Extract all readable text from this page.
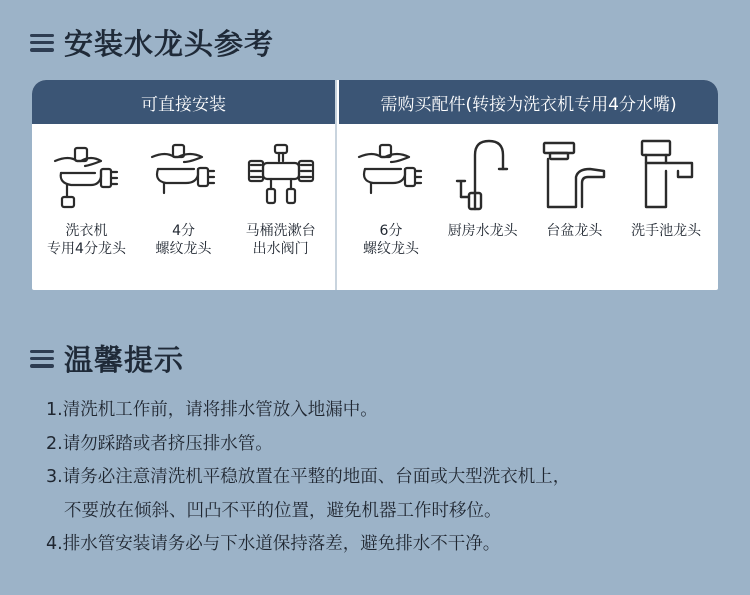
安装水龙头参考
可直接安装
洗衣机
专用4分龙头
4分
螺纹龙头
马桶洗漱台
出水阀门
需购买配件(转接为洗衣机专用4分水嘴)
6分
螺纹龙头
厨房水龙头 台盆龙头 洗手池龙头
温馨提示
1.清洗机工作前，请将排水管放入地漏中。
2.请勿踩踏或者挤压排水管。
3.请务必注意清洗机平稳放置在平整的地面、台面或大型洗衣机上，
不要放在倾斜、凹凸不平的位置，避免机器工作时移位。
4.排水管安装请务必与下水道保持落差，避免排水不干净。
